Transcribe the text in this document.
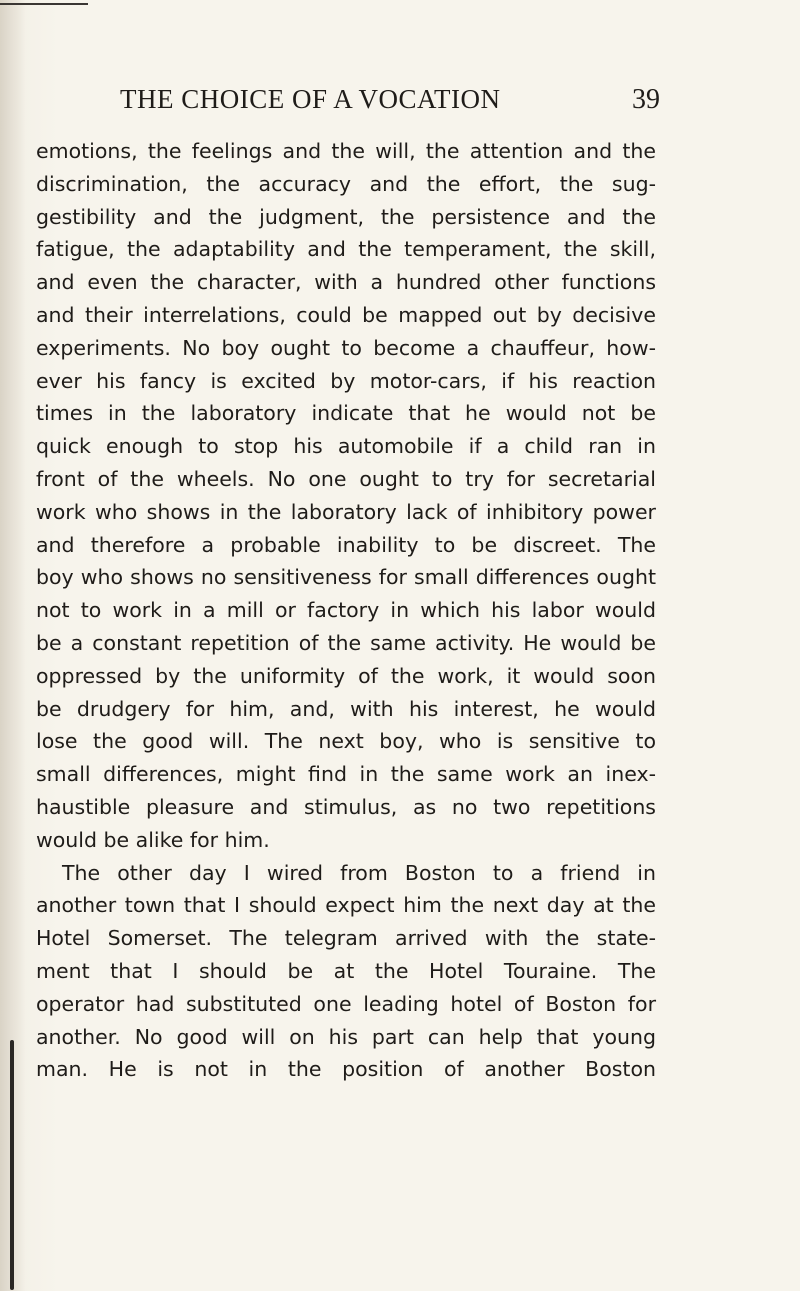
THE CHOICE OF A VOCATION	39
emotions, the feelings and the will, the attention and the
discrimination, the accuracy and the effort, the sug-
gestibility and the judgment, the persistence and the
fatigue, the adaptability and the temperament, the skill,
and even the character, with a hundred other functions
and their interrelations, could be mapped out by decisive
experiments. No boy ought to become a chauffeur, how-
ever his fancy is excited by motor-cars, if his reaction
times in the laboratory indicate that he would not be
quick enough to stop his automobile if a child ran in
front of the wheels. No one ought to try for secretarial
work who shows in the laboratory lack of inhibitory power
and therefore a probable inability to be discreet. The
boy who shows no sensitiveness for small differences ought
not to work in a mill or factory in which his labor would
be a constant repetition of the same activity. He would be
oppressed by the uniformity of the work, it would soon
be drudgery for him, and, with his interest, he would
lose the good will. The next boy, who is sensitive to
small differences, might find in the same work an inex-
haustible pleasure and stimulus, as no two repetitions
would be alike for him.
The other day I wired from Boston to a friend in
another town that I should expect him the next day at the
Hotel Somerset. The telegram arrived with the state-
ment that I should be at the Hotel Touraine. The
operator had substituted one leading hotel of Boston for
another. No good will on his part can help that young
man. He is not in the position of another Boston
